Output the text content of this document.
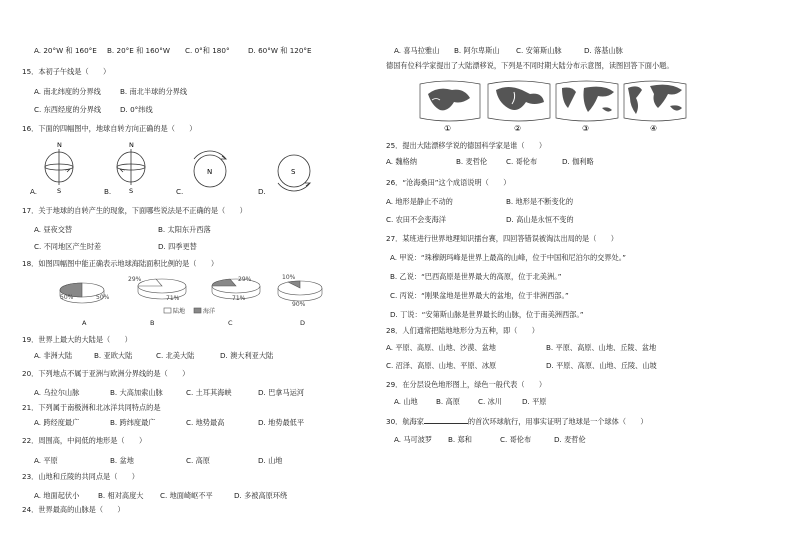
A. 20°W 和 160°E B. 20°E 和 160°W C. 0°和 180°	D. 60°W 和 120°E
15．本初子午线是（　　）
A. 南北纬度的分界线	B. 南北半球的分界线
C. 东西经度的分界线	D. 0°纬线
16．下面的四幅图中，地球自转方向正确的是（　　）
N
S
N
S
N	S
A.	B.	C.	D.
17．关于地球的自转产生的现象，下面哪些说法是不正确的是（　　）
A. 昼夜交替	B. 太阳东升西落
C. 不同地区产生时差	D. 四季更替
18．如图四幅图中能正确表示地球海陆面积比例的是（　　）
50%	50%
29%
71%
29%
71%
10%
90%
陆地	海洋
A	B	C	D
19．世界上最大的大陆是（　　）
A. 非洲大陆	B. 亚欧大陆	C. 北美大陆	D. 澳大利亚大陆
20．下列地点不属于亚洲与欧洲分界线的是（　　）
A. 乌拉尔山脉	B. 大高加索山脉	C. 土耳其海峡	D. 巴拿马运河
21．下列属于南极洲和北冰洋共同特点的是
A. 跨经度最广	B. 跨纬度最广	C. 地势最高	D. 地势最低平
22．周围高，中间低的地形是（　　）
A. 平原	B. 盆地	C. 高原	D. 山地
23．山地和丘陵的共同点是（　　）
A. 地面起伏小	B. 相对高度大 C. 地面崎岖不平	D. 多被高原环绕
24．世界最高的山脉是（　　）
A. 喜马拉雅山 B. 阿尔卑斯山 C. 安第斯山脉	D. 落基山脉
德国有位科学家提出了大陆漂移说，下列是不同时期大陆分布示意图，读图回答下面小题。
①	②	③	④
25．提出大陆漂移学说的德国科学家是谁（　　）
A. 魏格纳	B. 麦哲伦	C. 哥伦布	D. 伽利略
26．“沧海桑田”这个成语说明（　　）
A. 地形是静止不动的	B. 地形是不断变化的
C. 农田不会变海洋	D. 高山是永恒不变的
27．某班进行世界地理知识擂台赛，四回答错误被淘汰出局的是（　　）
A. 甲说：“珠穆朗玛峰是世界上最高的山峰，位于中国和尼泊尔的交界处。”
B. 乙说：“巴西高原是世界最大的高原，位于北美洲。”
C. 丙说：“刚果盆地是世界最大的盆地，位于非洲西部。”
D. 丁说：“安第斯山脉是世界最长的山脉，位于南美洲西部。”
28．人们通常把陆地地形分为五种，即（　　）
A. 平原、高原、山地、沙漠、盆地	B. 平原、高原、山地、丘陵、盆地
C. 沼泽、高原、山地、平原、冰原	D. 平原、高原、山地、丘陵、山坡
29．在分层设色地形图上，绿色一般代表（　　）
A. 山地	B. 高原	C. 冰川	D. 平原
30．航海家	的首次环球航行，用事实证明了地球是一个球体（　　）
A. 马可波罗 B. 郑和	C. 哥伦布	D. 麦哲伦
